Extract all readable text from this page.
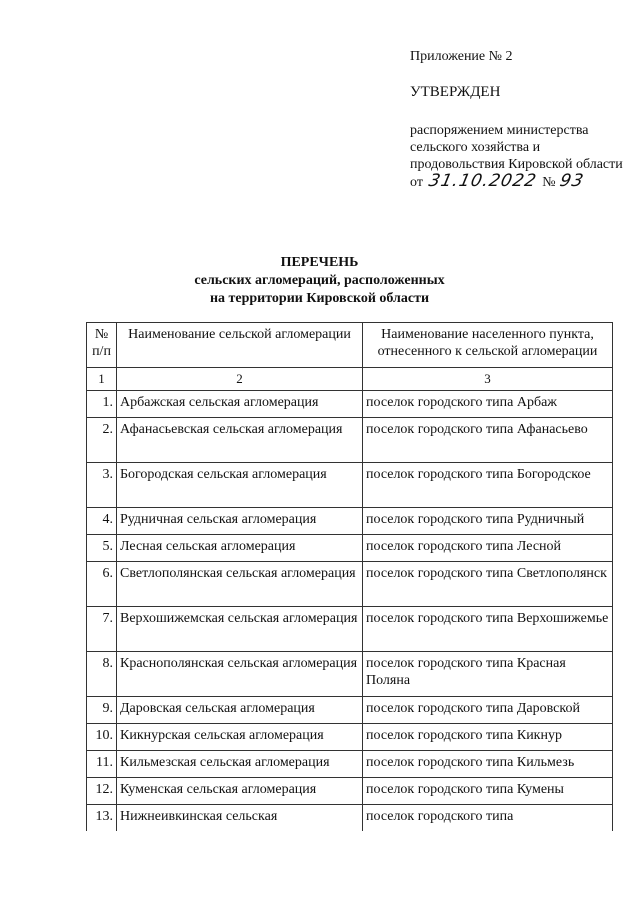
Приложение № 2

УТВЕРЖДЕН

распоряжением министерства сельского хозяйства и продовольствия Кировской области

от 31.10.2022 № 93

ПЕРЕЧЕНЬ
сельских агломераций, расположенных
на территории Кировской области
№ п/п	Наименование сельской агломерации	Наименование населенного пункта, отнесенного к сельской агломерации
1	2	3
1.	Арбажская сельская агломерация	поселок городского типа Арбаж
2.	Афанасьевская сельская агломерация	поселок городского типа Афанасьево
3.	Богородская сельская агломерация	поселок городского типа Богородское
4.	Рудничная сельская агломерация	поселок городского типа Рудничный
5.	Лесная сельская агломерация	поселок городского типа Лесной
6.	Светлополянская сельская агломерация	поселок городского типа Светлополянск
7.	Верхошижемская сельская агломерация	поселок городского типа Верхошижемье
8.	Краснополянская сельская агломерация	поселок городского типа Красная Поляна
9.	Даровская сельская агломерация	поселок городского типа Даровской
10.	Кикнурская сельская агломерация	поселок городского типа Кикнур
11.	Кильмезская сельская агломерация	поселок городского типа Кильмезь
12.	Куменская сельская агломерация	поселок городского типа Кумены
13.	Нижнеивкинская сельская	поселок городского типа
